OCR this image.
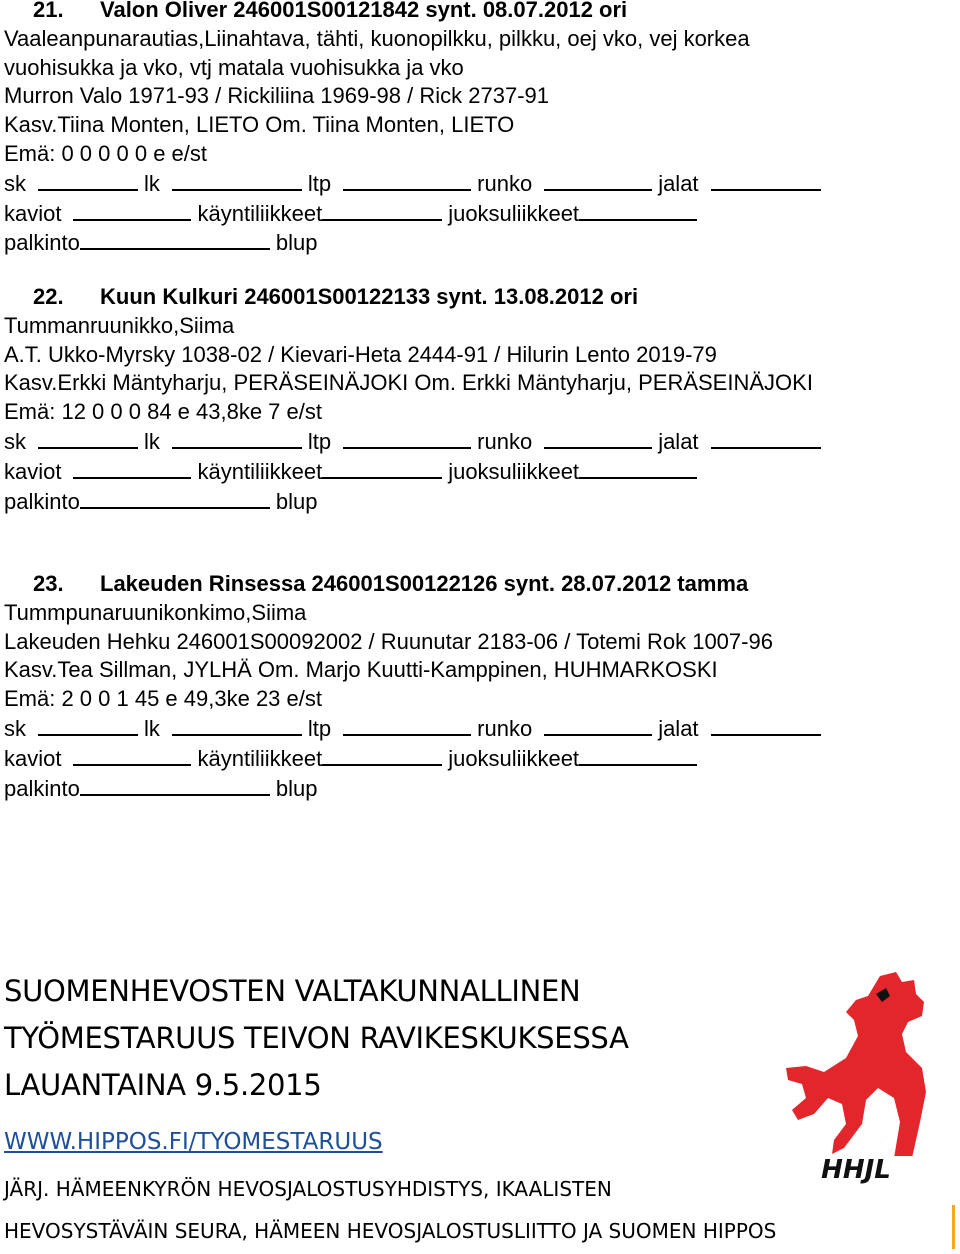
21. Valon Oliver 246001S00121842 synt. 08.07.2012 ori
Vaaleanpunarautias,Liinahtava, tähti, kuonopilkku, pilkku, oej vko, vej korkea
vuohisukka ja vko, vtj matala vuohisukka ja vko
Murron Valo 1971-93 / Rickiliina 1969-98 / Rick 2737-91
Kasv.Tiina Monten, LIETO Om. Tiina Monten, LIETO
Emä: 0 0 0 0 0 e e/st
sk	lk	ltp	runko	jalat
kaviot	käyntiliikkeet	juoksuliikkeet
palkinto	blup
22. Kuun Kulkuri 246001S00122133 synt. 13.08.2012 ori
Tummanruunikko,Siima
A.T. Ukko-Myrsky 1038-02 / Kievari-Heta 2444-91 / Hilurin Lento 2019-79
Kasv.Erkki Mäntyharju, PERÄSEINÄJOKI Om. Erkki Mäntyharju, PERÄSEINÄJOKI
Emä: 12 0 0 0 84 e 43,8ke 7 e/st
sk	lk	ltp	runko	jalat
kaviot	käyntiliikkeet	juoksuliikkeet
palkinto	blup
23. Lakeuden Rinsessa 246001S00122126 synt. 28.07.2012 tamma
Tummpunaruunikonkimo,Siima
Lakeuden Hehku 246001S00092002 / Ruunutar 2183-06 / Totemi Rok 1007-96
Kasv.Tea Sillman, JYLHÄ Om. Marjo Kuutti-Kamppinen, HUHMARKOSKI
Emä: 2 0 0 1 45 e 49,3ke 23 e/st
sk	lk	ltp	runko	jalat
kaviot	käyntiliikkeet	juoksuliikkeet
palkinto	blup
SUOMENHEVOSTEN VALTAKUNNALLINEN
TYÖMESTARUUS TEIVON RAVIKESKUKSESSA
LAUANTAINA 9.5.2015
WWW.HIPPOS.FI/TYOMESTARUUS
JÄRJ. HÄMEENKYRÖN HEVOSJALOSTUSYHDISTYS, IKAALISTEN
HEVOSYSTÄVÄIN SEURA, HÄMEEN HEVOSJALOSTUSLIITTO JA SUOMEN HIPPOS
HHJL
